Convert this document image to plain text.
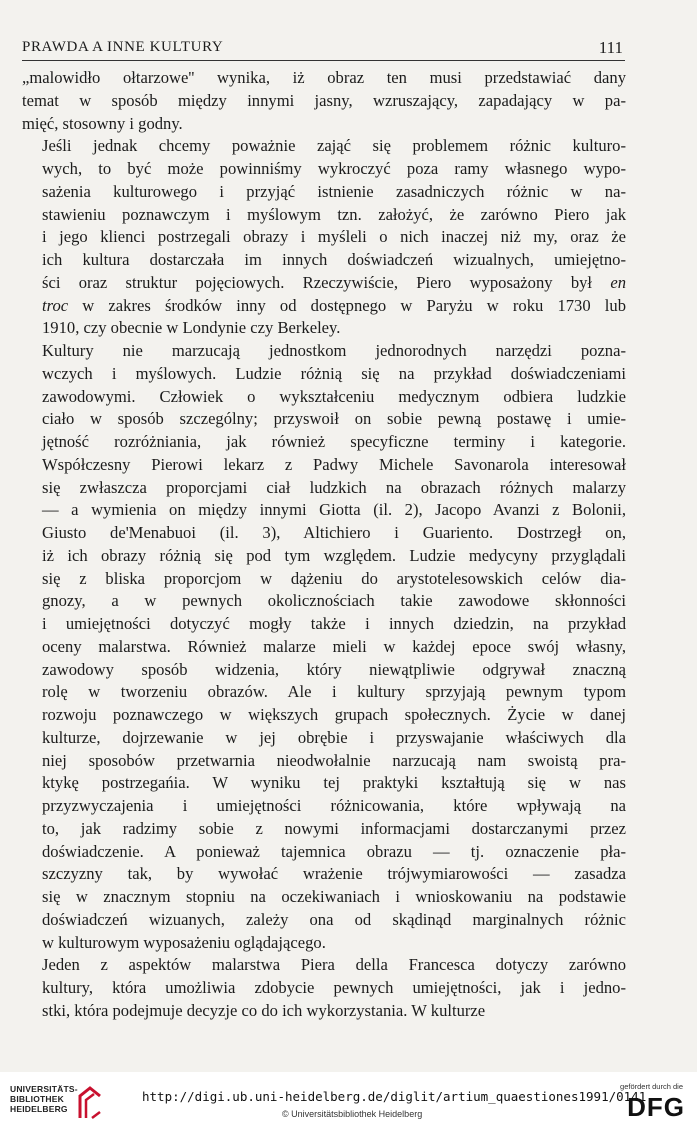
PRAWDA A INNE KULTURY	111

„malowidło ołtarzowe'' wynika, iż obraz ten musi przedstawiać dany
temat w sposób między innymi jasny, wzruszający, zapadający w pa-
mięć, stosowny i godny.

Jeśli jednak chcemy poważnie zająć się problemem różnic kulturo-
wych, to być może powinniśmy wykroczyć poza ramy własnego wypo-
sażenia kulturowego i przyjąć istnienie zasadniczych różnic w na-
stawieniu poznawczym i myślowym tzn. założyć, że zarówno Piero jak
i jego klienci postrzegali obrazy i myśleli o nich inaczej niż my, oraz że
ich kultura dostarczała im innych doświadczeń wizualnych, umiejętno-
ści oraz struktur pojęciowych. Rzeczywiście, Piero wyposażony był en
troc w zakres środków inny od dostępnego w Paryżu w roku 1730 lub
1910, czy obecnie w Londynie czy Berkeley.

Kultury nie marzucają jednostkom jednorodnych narzędzi pozna-
wczych i myślowych. Ludzie różnią się na przykład doświadczeniami
zawodowymi. Człowiek o wykształceniu medycznym odbiera ludzkie
ciało w sposób szczególny; przyswoił on sobie pewną postawę i umie-
jętność rozróżniania, jak również specyficzne terminy i kategorie.
Współczesny Pierowi lekarz z Padwy Michele Savonarola interesował
się zwłaszcza proporcjami ciał ludzkich na obrazach różnych malarzy
— a wymienia on między innymi Giotta (il. 2), Jacopo Avanzi z Bolonii,
Giusto de'Menabuoi (il. 3), Altichiero i Guariento. Dostrzegł on,
iż ich obrazy różnią się pod tym względem. Ludzie medycyny przyglądali
się z bliska proporcjom w dążeniu do arystotelesowskich celów dia-
gnozy, a w pewnych okolicznościach takie zawodowe skłonności
i umiejętności dotyczyć mogły także i innych dziedzin, na przykład
oceny malarstwa. Również malarze mieli w każdej epoce swój własny,
zawodowy sposób widzenia, który niewątpliwie odgrywał znaczną
rolę w tworzeniu obrazów. Ale i kultury sprzyjają pewnym typom
rozwoju poznawczego w większych grupach społecznych. Życie w danej
kulturze, dojrzewanie w jej obrębie i przyswajanie właściwych dla
niej sposobów przetwarnia nieodwołalnie narzucają nam swoistą pra-
ktykę postrzegańia. W wyniku tej praktyki kształtują się w nas
przyzwyczajenia i umiejętności różnicowania, które wpływają na
to, jak radzimy sobie z nowymi informacjami dostarczanymi przez
doświadczenie. A ponieważ tajemnica obrazu — tj. oznaczenie pła-
szczyzny tak, by wywołać wrażenie trójwymiarowości — zasadza
się w znacznym stopniu na oczekiwaniach i wnioskowaniu na podstawie
doświadczeń wizuanych, zależy ona od skądinąd marginalnych różnic
w kulturowym wyposażeniu oglądającego.

Jeden z aspektów malarstwa Piera della Francesca dotyczy zarówno
kultury, która umożliwia zdobycie pewnych umiejętności, jak i jedno-
stki, która podejmuje decyzje co do ich wykorzystania. W kulturze

UNIVERSITÄTS-
BIBLIOTHEK
HEIDELBERG
http://digi.ub.uni-heidelberg.de/diglit/artium_quaestiones1991/0141
© Universitätsbibliothek Heidelberg
gefördert durch die
DFG
